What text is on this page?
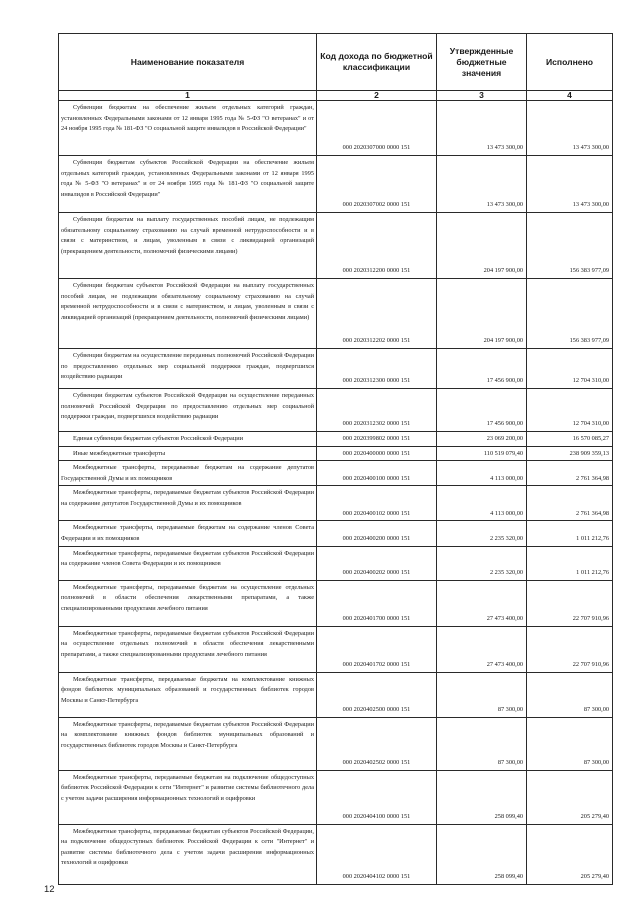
Наименование показателя	Код дохода по бюджетной классификации	Утвержденные бюджетные значения	Исполнено
1	2	3	4

Субвенции бюджетам на обеспечение жильем отдельных категорий граждан, установленных Федеральными законами от 12 января 1995 года № 5-ФЗ "О ветеранах" и от 24 ноября 1995 года № 181-ФЗ "О социальной защите инвалидов в Российской Федерации"	000 2020307000 0000 151	13 473 300,00	13 473 300,00

Субвенция бюджетам субъектов Российской Федерации на обеспечение жильем отдельных категорий граждан, установленных Федеральными законами от 12 января 1995 года № 5-ФЗ "О ветеранах" и от 24 ноября 1995 года № 181-ФЗ "О социальной защите инвалидов в Российской Федерации"	000 2020307002 0000 151	13 473 300,00	13 473 300,00

Субвенции бюджетам на выплату государственных пособий лицам, не подлежащим обязательному социальному страхованию на случай временной нетрудоспособности и в связи с материнством, и лицам, уволенным в связи с ликвидацией организаций (прекращением деятельности, полномочий физическими лицами)	000 2020312200 0000 151	204 197 900,00	156 383 977,09

Субвенции бюджетам субъектов Российской Федерации на выплату государственных пособий лицам, не подлежащим обязательному социальному страхованию на случай временной нетрудоспособности и в связи с материнством, и лицам, уволенным в связи с ликвидацией организаций (прекращением деятельности, полномочий физическими лицами)	000 2020312202 0000 151	204 197 900,00	156 383 977,09

Субвенции бюджетам на осуществление переданных полномочий Российской Федерации по предоставлению отдельных мер социальной поддержки граждан, подвергшихся воздействию радиации	000 2020312300 0000 151	17 456 900,00	12 704 310,00

Субвенции бюджетам субъектов Российской Федерации на осуществление переданных полномочий Российской Федерации по предоставлению отдельных мер социальной поддержки граждан, подвергшихся воздействию радиации	000 2020312302 0000 151	17 456 900,00	12 704 310,00

Единая субвенция бюджетам субъектов Российской Федерации	000 2020399802 0000 151	23 069 200,00	16 570 085,27

Иные межбюджетные трансферты	000 2020400000 0000 151	110 519 079,40	238 909 359,13

Межбюджетные трансферты, передаваемые бюджетам на содержание депутатов Государственной Думы и их помощников	000 2020400100 0000 151	4 113 000,00	2 761 364,98

Межбюджетные трансферты, передаваемые бюджетам субъектов Российской Федерации на содержание депутатов Государственной Думы и их помощников	000 2020400102 0000 151	4 113 000,00	2 761 364,98

Межбюджетные трансферты, передаваемые бюджетам на содержание членов Совета Федерации и их помощников	000 2020400200 0000 151	2 235 320,00	1 011 212,76

Межбюджетные трансферты, передаваемые бюджетам субъектов Российской Федерации на содержание членов Совета Федерации и их помощников	000 2020400202 0000 151	2 235 320,00	1 011 212,76

Межбюджетные трансферты, передаваемые бюджетам на осуществление отдельных полномочий в области обеспечения лекарственными препаратами, а также специализированными продуктами лечебного питания	000 2020401700 0000 151	27 473 400,00	22 707 910,96

Межбюджетные трансферты, передаваемые бюджетам субъектов Российской Федерации на осуществление отдельных полномочий в области обеспечения лекарственными препаратами, а также специализированными продуктами лечебного питания	000 2020401702 0000 151	27 473 400,00	22 707 910,96

Межбюджетные трансферты, передаваемые бюджетам на комплектование книжных фондов библиотек муниципальных образований и государственных библиотек городов Москвы и Санкт-Петербурга	000 2020402500 0000 151	87 300,00	87 300,00

Межбюджетные трансферты, передаваемые бюджетам субъектов Российской Федерации на комплектование книжных фондов библиотек муниципальных образований и государственных библиотек городов Москвы и Санкт-Петербурга	000 2020402502 0000 151	87 300,00	87 300,00

Межбюджетные трансферты, передаваемые бюджетам на подключение общедоступных библиотек Российской Федерации к сети "Интернет" и развитие системы библиотечного дела с учетом задачи расширения информационных технологий и оцифровки	000 2020404100 0000 151	258 099,40	205 279,40

Межбюджетные трансферты, передаваемые бюджетам субъектов Российской Федерации, на подключение общедоступных библиотек Российской Федерации к сети "Интернет" и развитие системы библиотечного дела с учетом задачи расширения информационных технологий и оцифровки	000 2020404102 0000 151	258 099,40	205 279,40
12
